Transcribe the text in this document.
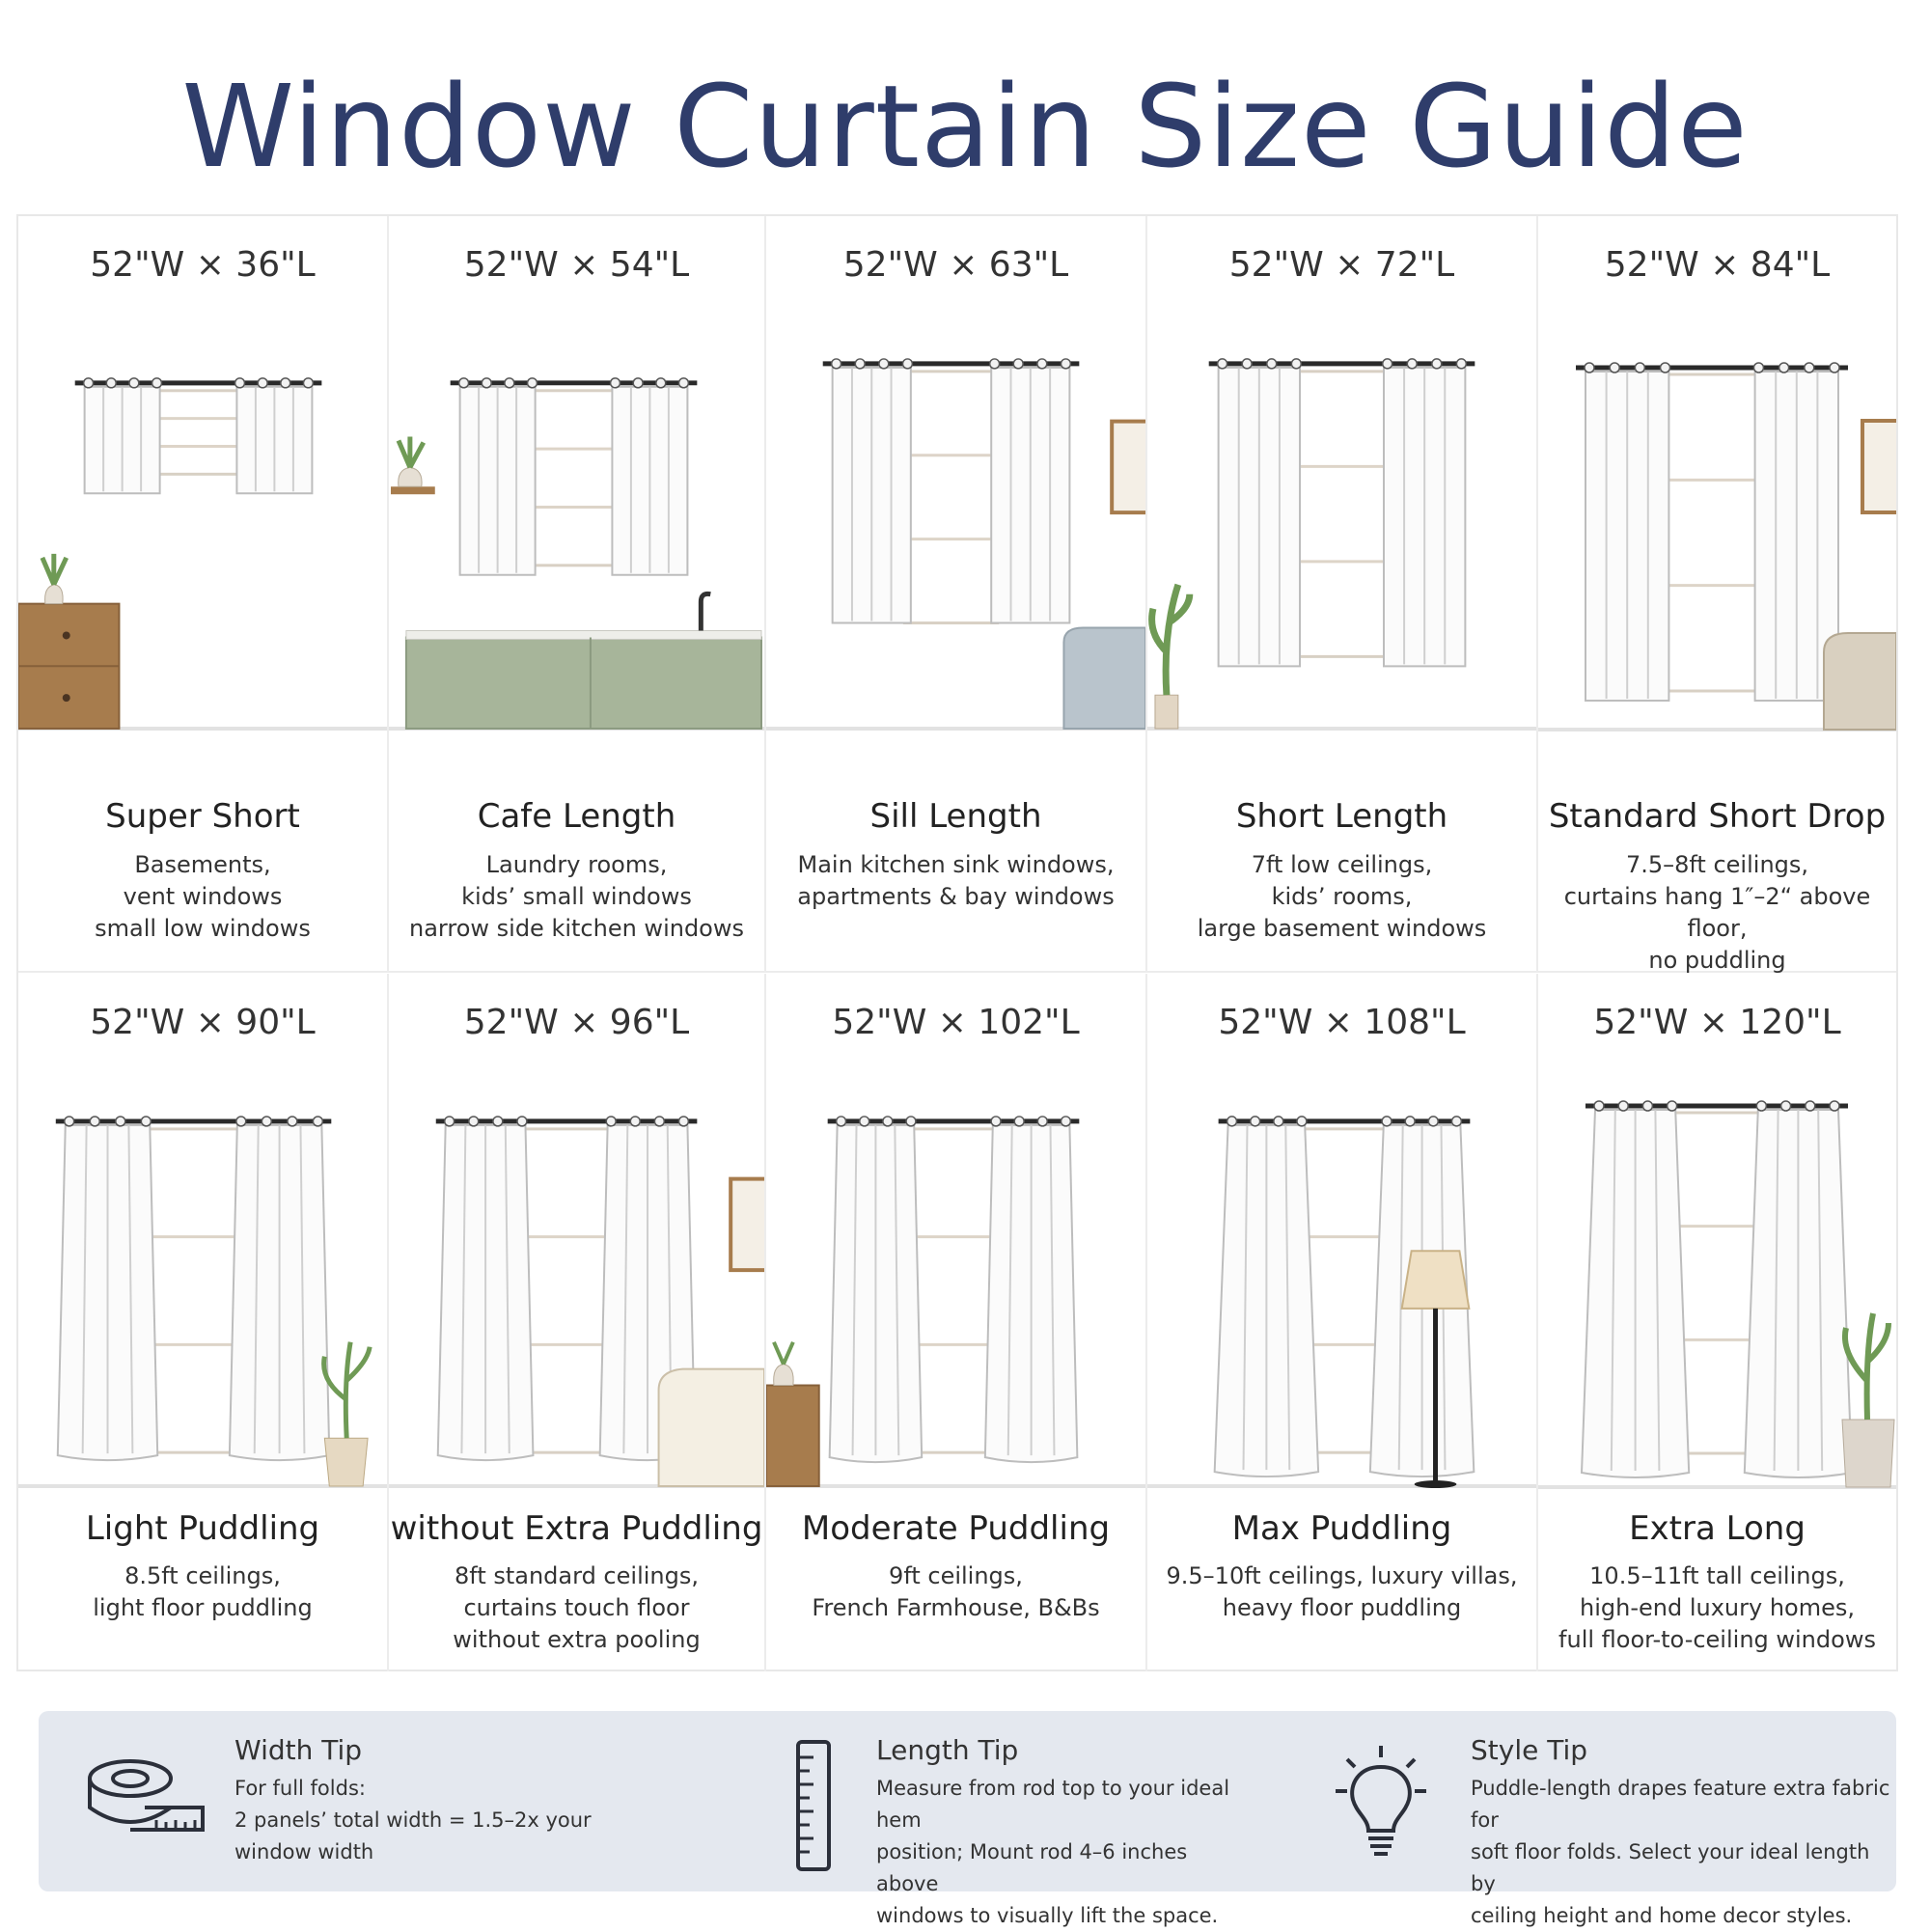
Window Curtain Size Guide
52"W × 36"L
Super Short
Basements,
vent windows
small low windows
52"W × 54"L
Cafe Length
Laundry rooms,
kids’ small windows
narrow side kitchen windows
52"W × 63"L
Sill Length
Main kitchen sink windows,
apartments & bay windows
52"W × 72"L
Short Length
7ft low ceilings,
kids’ rooms,
large basement windows
52"W × 84"L
Standard Short Drop
7.5–8ft ceilings,
curtains hang 1″–2“ above floor,
no puddling
52"W × 90"L
Light Puddling
8.5ft ceilings,
light floor puddling
52"W × 96"L
without Extra Puddling
8ft standard ceilings,
curtains touch floor
without extra pooling
52"W × 102"L
Moderate Puddling
9ft ceilings,
French Farmhouse, B&Bs
52"W × 108"L
Max Puddling
9.5–10ft ceilings, luxury villas,
heavy floor puddling
52"W × 120"L
Extra Long
10.5–11ft tall ceilings,
high-end luxury homes,
full floor-to-ceiling windows
Width Tip
For full folds:
2 panels’ total width = 1.5–2x your window width
Length Tip
Measure from rod top to your ideal hem
position; Mount rod 4–6 inches above
windows to visually lift the space.
Style Tip
Puddle-length drapes feature extra fabric for
soft floor folds. Select your ideal length by
ceiling height and home decor styles.
